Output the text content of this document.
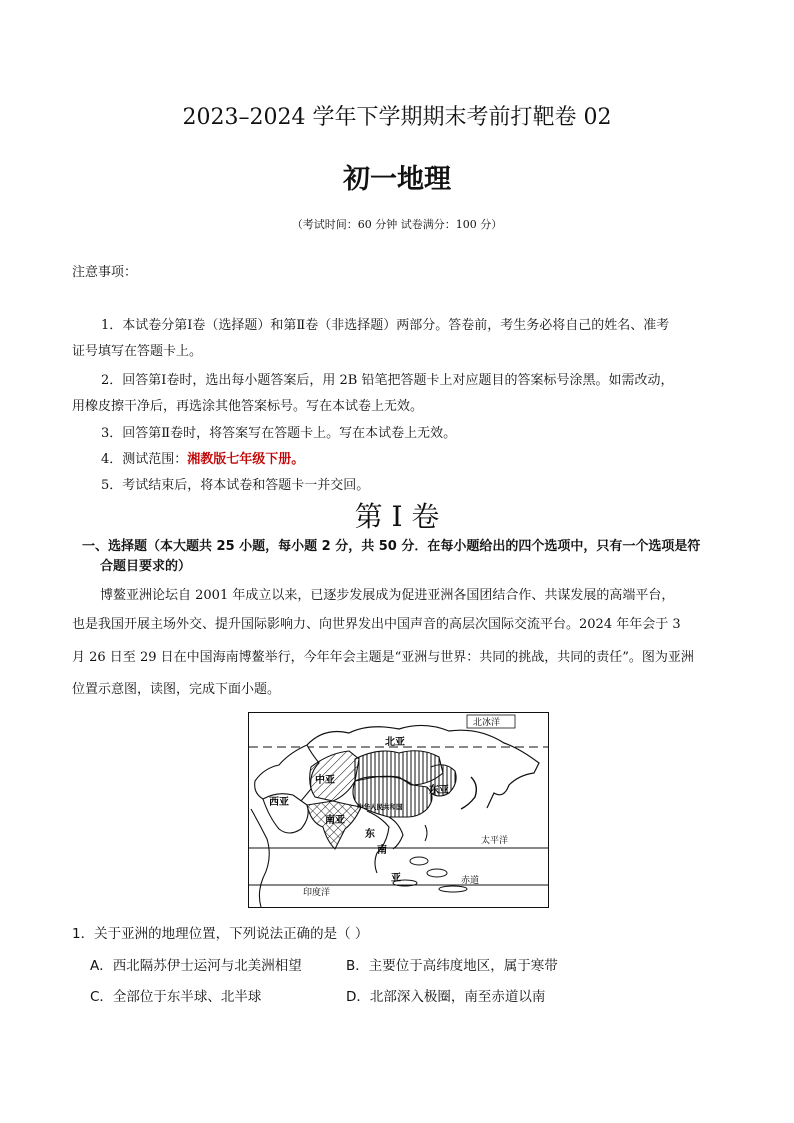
2023–2024 学年下学期期末考前打靶卷 02
初一地理
（考试时间：60 分钟 试卷满分：100 分）
注意事项：
1．本试卷分第Ⅰ卷（选择题）和第Ⅱ卷（非选择题）两部分。答卷前，考生务必将自己的姓名、准考
证号填写在答题卡上。
2．回答第Ⅰ卷时，选出每小题答案后，用 2B 铅笔把答题卡上对应题目的答案标号涂黑。如需改动，
用橡皮擦干净后，再选涂其他答案标号。写在本试卷上无效。
3．回答第Ⅱ卷时，将答案写在答题卡上。写在本试卷上无效。
4．测试范围：湘教版七年级下册。
5．考试结束后，将本试卷和答题卡一并交回。
第 I 卷
一、选择题（本大题共 25 小题，每小题 2 分，共 50 分．在每小题给出的四个选项中，只有一个选项是符
合题目要求的）
博鳌亚洲论坛自 2001 年成立以来，已逐步发展成为促进亚洲各国团结合作、共谋发展的高端平台，
也是我国开展主场外交、提升国际影响力、向世界发出中国声音的高层次国际交流平台。2024 年年会于 3
月 26 日至 29 日在中国海南博鳌举行，今年年会主题是“亚洲与世界：共同的挑战，共同的责任”。图为亚洲
位置示意图，读图，完成下面小题。
北冰洋
北亚
中亚
西亚
东亚
南亚
中华人民共和国
东
南
亚
太平洋
印度洋
赤道
1．关于亚洲的地理位置，下列说法正确的是（ ）
A．西北隔苏伊士运河与北美洲相望	B．主要位于高纬度地区，属于寒带
C．全部位于东半球、北半球	D．北部深入极圈，南至赤道以南
